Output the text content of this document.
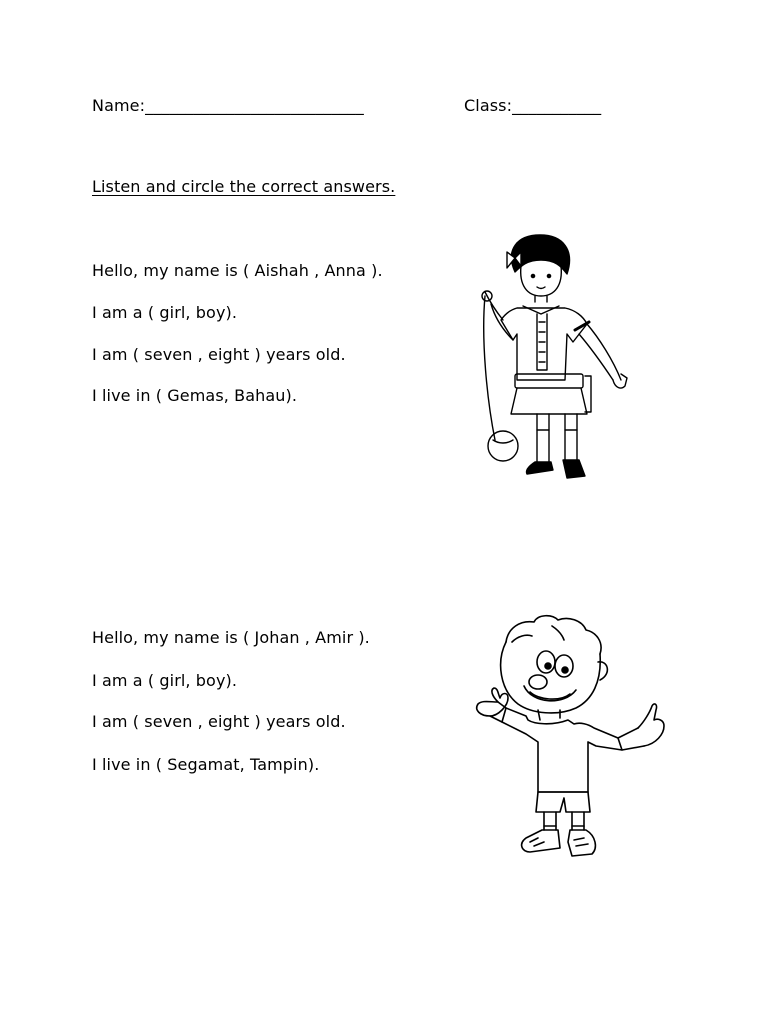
Name:___________________________	Class:___________
Listen and circle the correct answers.
Hello, my name is ( Aishah , Anna ).
I am a ( girl, boy).
I am ( seven , eight ) years old.
I live in ( Gemas, Bahau).
Hello, my name is ( Johan , Amir ).
I am a ( girl, boy).
I am ( seven , eight ) years old.
I live in ( Segamat, Tampin).
